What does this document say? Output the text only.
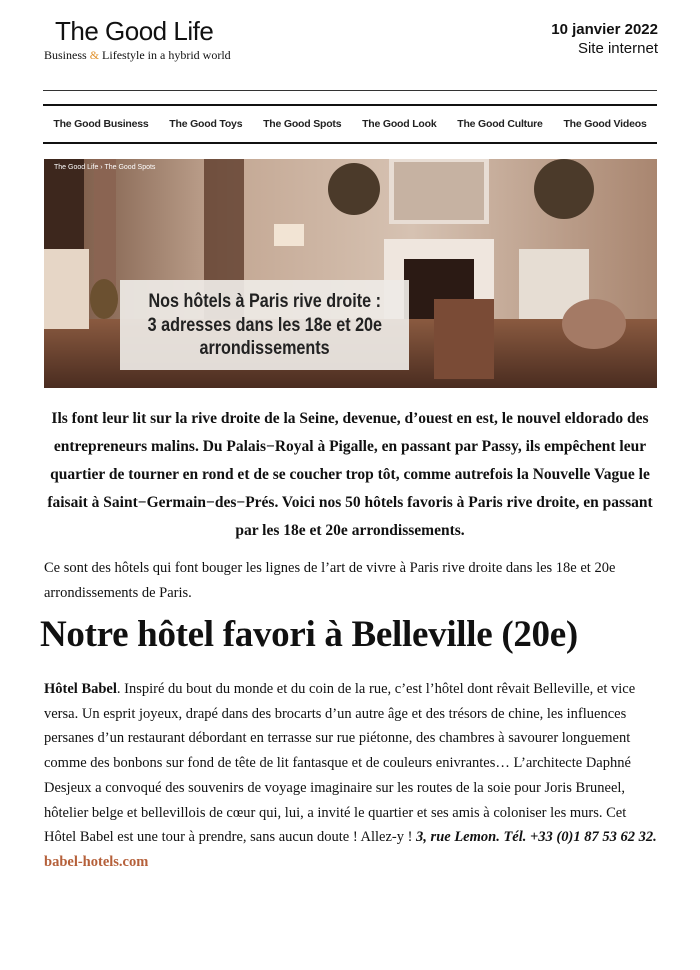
The Good Life
Business & Lifestyle in a hybrid world
10 janvier 2022
Site internet
The Good Business The Good Toys The Good Spots The Good Look The Good Culture The Good Videos
The Good Life › The Good Spots
Nos hôtels à Paris rive droite :
3 adresses dans les 18e et 20e
arrondissements

Ils font leur lit sur la rive droite de la Seine, devenue, d’ouest en est, le nouvel eldorado des entrepreneurs malins. Du Palais−Royal à Pigalle, en passant par Passy, ils empêchent leur quartier de tourner en rond et de se coucher trop tôt, comme autrefois la Nouvelle Vague le faisait à Saint−Germain−des−Prés. Voici nos 50 hôtels favoris à Paris rive droite, en passant par les 18e et 20e arrondissements.

Ce sont des hôtels qui font bouger les lignes de l’art de vivre à Paris rive droite dans les 18e et 20e arrondissements de Paris.

Notre hôtel favori à Belleville (20e)

Hôtel Babel. Inspiré du bout du monde et du coin de la rue, c’est l’hôtel dont rêvait Belleville, et vice versa. Un esprit joyeux, drapé dans des brocarts d’un autre âge et des trésors de chine, les influences persanes d’un restaurant débordant en terrasse sur rue piétonne, des chambres à savourer longuement comme des bonbons sur fond de tête de lit fantasque et de couleurs enivrantes… L’architecte Daphné Desjeux a convoqué des souvenirs de voyage imaginaire sur les routes de la soie pour Joris Bruneel, hôtelier belge et bellevillois de cœur qui, lui, a invité le quartier et ses amis à coloniser les murs. Cet Hôtel Babel est une tour à prendre, sans aucun doute ! Allez-y ! 3, rue Lemon. Tél. +33 (0)1 87 53 62 32. babel-hotels.com
